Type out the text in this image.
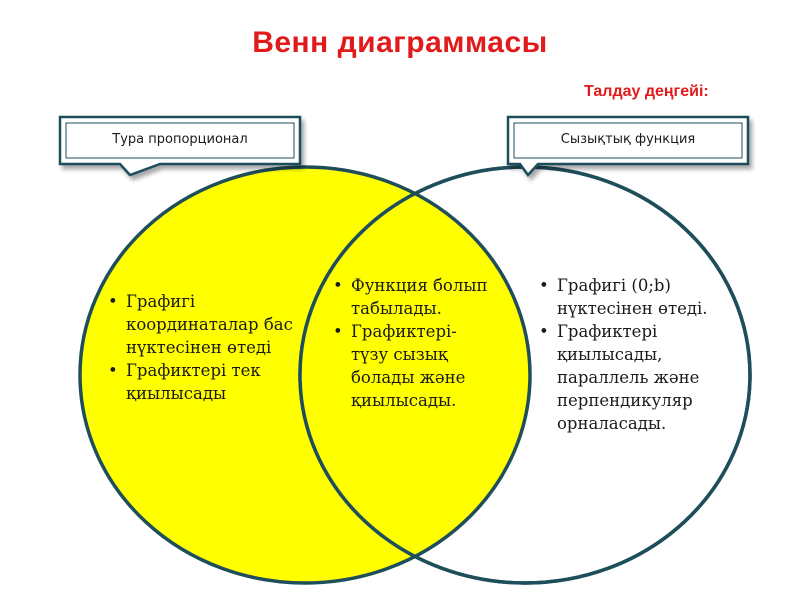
Венн диаграммасы
Талдау деңгейі:
Тура пропорционал	Сызықтық функция
• Графигі координаталар бас нүктесінен өтеді
• Графиктері тек қиылысады
• Функция болып табылады.
• Графиктері-түзу сызық болады және қиылысады.
• Графигі (0;b) нүктесінен өтеді.
• Графиктері қиылысады, параллель және перпендикуляр орналасады.
